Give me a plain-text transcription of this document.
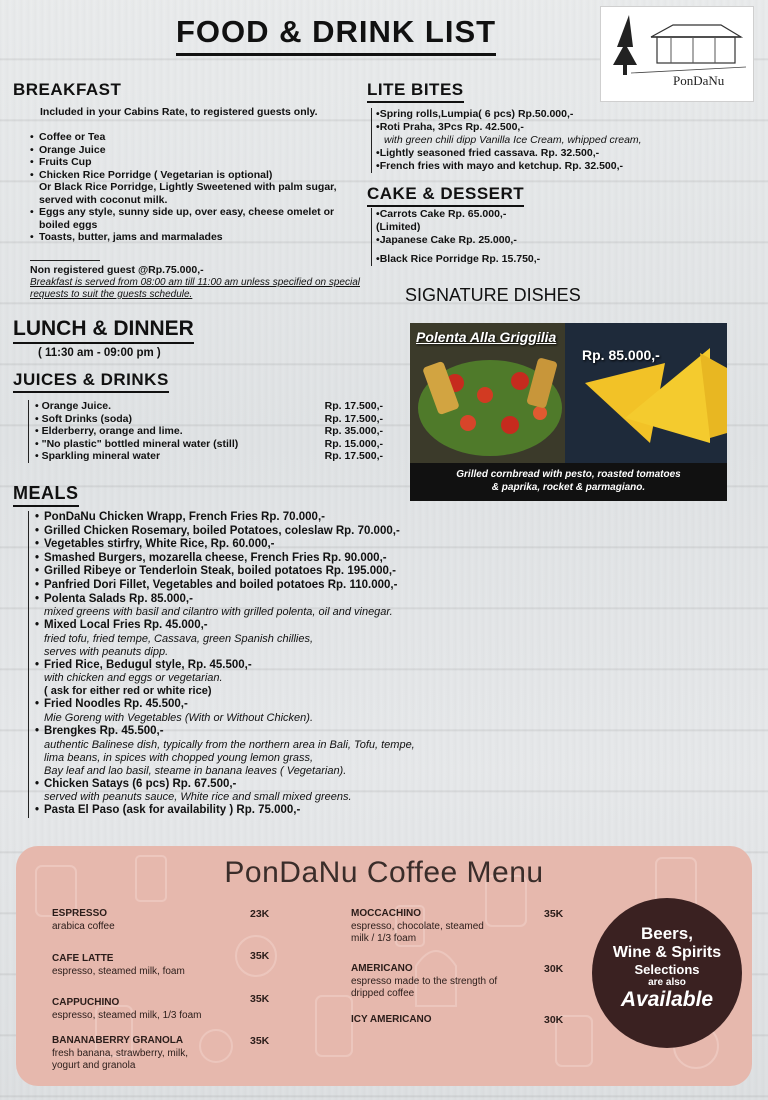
FOOD & DRINK LIST
PonDaNu
BREAKFAST
Included in your Cabins Rate, to registered guests only.
• Coffee or Tea
• Orange Juice
• Fruits Cup
• Chicken Rice Porridge ( Vegetarian is optional)
Or Black Rice Porridge, Lightly Sweetened with palm sugar, served with coconut milk.
• Eggs any style, sunny side up, over easy, cheese omelet or boiled eggs
• Toasts, butter, jams and marmalades
Non registered guest @Rp.75.000,-
Breakfast is served from 08:00 am till 11:00 am unless specified on special requests to suit the guests schedule.
LUNCH & DINNER
( 11:30 am - 09:00 pm )
JUICES & DRINKS
• Orange Juice.	Rp. 17.500,-
• Soft Drinks (soda)	Rp. 17.500,-
• Elderberry, orange and lime.	Rp. 35.000,-
• "No plastic" bottled mineral water (still)	Rp. 15.000,-
• Sparkling mineral water	Rp. 17.500,-
MEALS
• PonDaNu Chicken Wrapp, French Fries Rp. 70.000,-
• Grilled Chicken Rosemary, boiled Potatoes, coleslaw Rp. 70.000,-
• Vegetables stirfry, White Rice, Rp. 60.000,-
• Smashed Burgers, mozarella cheese, French Fries Rp. 90.000,-
• Grilled Ribeye or Tenderloin Steak, boiled potatoes Rp. 195.000,-
• Panfried Dori Fillet, Vegetables and boiled potatoes Rp. 110.000,-
• Polenta Salads Rp. 85.000,-
mixed greens with basil and cilantro with grilled polenta, oil and vinegar.
• Mixed Local Fries Rp. 45.000,-
fried tofu, fried tempe, Cassava, green Spanish chillies,
serves with peanuts dipp.
• Fried Rice, Bedugul style, Rp. 45.500,-
with chicken and eggs or vegetarian.
( ask for either red or white rice)
• Fried Noodles Rp. 45.500,-
Mie Goreng with Vegetables (With or Without Chicken).
• Brengkes Rp. 45.500,-
authentic Balinese dish, typically from the northern area in Bali, Tofu, tempe,
lima beans, in spices with chopped young lemon grass,
Bay leaf and lao basil, steame in banana leaves ( Vegetarian).
• Chicken Satays (6 pcs) Rp. 67.500,-
served with peanuts sauce, White rice and small mixed greens.
• Pasta El Paso (ask for availability ) Rp. 75.000,-
LITE BITES
•Spring rolls,Lumpia( 6 pcs) Rp.50.000,-
•Roti Praha, 3Pcs Rp. 42.500,-
with green chili dipp Vanilla Ice Cream, whipped cream,
•Lightly seasoned fried cassava. Rp. 32.500,-
•French fries with mayo and ketchup. Rp. 32.500,-
CAKE & DESSERT
•Carrots Cake Rp. 65.000,-
(Limited)
•Japanese Cake Rp. 25.000,-
•Black Rice Porridge Rp. 15.750,-
SIGNATURE DISHES
Polenta Alla Griggilia
Rp. 85.000,-
Grilled cornbread with pesto, roasted tomatoes
& paprika, rocket & parmagiano.
PonDaNu Coffee Menu
ESPRESSO
arabica coffee
23K
CAFE LATTE
espresso, steamed milk, foam
35K
CAPPUCHINO
espresso, steamed milk, 1/3 foam
35K
BANANABERRY GRANOLA
fresh banana, strawberry, milk,
yogurt and granola
35K
MOCCACHINO
espresso, chocolate, steamed
milk / 1/3 foam
35K
AMERICANO
espresso made to the strength of
dripped coffee
30K
ICY AMERICANO	30K
Beers,
Wine & Spirits
Selections
are also
Available
